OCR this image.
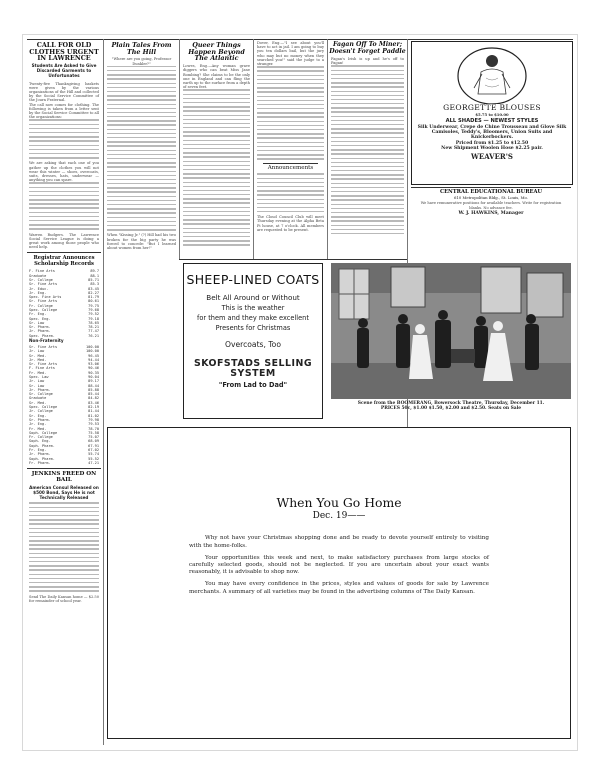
CALL FOR OLD CLOTHES URGENT IN LAWRENCE
Students Are Asked to Give Discarded Garments to Unfortunates
Twenty-five Thanksgiving baskets were given by the various organizations of the Hill and collected by the Social Service Committee of the Journ Fraternal.
The call now comes for clothing. The following is taken from a letter sent by the Social Service Committee to all the organizations:
We are asking that each one of you gather up the clothes you will not wear this winter — shoes, overcoats, suits, dresses, hats, underwear — anything you can spare.
Warren Rudgers. The Lawrence Social Service League is doing a great work among those people who need help.
Registrar Announces Scholarship Records
F. Fine Arts	89.7
Graduate	88.1
Sr. College	85.71
Sr. Fine Arts	85.3
Jr. Educ.	83.45
Jr. Eng.	82.27
Spec. Fine Arts	81.79
Sr. Fine Arts	80.61
Fr. College	79.75
Spec. College	79.68
Fr. Eng.	79.52
Spec. Eng.	79.18
Sr. Law	78.65
Sr. Pharm.	78.21
Jr. Pharm.	77.47
Spec. Pharm.	76.21
Non-Fraternity
Sr. Fine Arts	100.00
Jr. Law	100.00
Sr. Med.	96.45
Jr. Med.	94.44
Sr. Fine Arts	93.06
F. Fine Arts	90.46
Fr. Med.	90.35
Spec. Law	90.04
Jr. Law	89.17
Sr. Law	88.44
Jr. Pharm.	85.88
Sr. College	85.44
Graduate	84.82
Sr. Med.	83.46
Spec. College	82.19
Jr. College	81.44
Sr. Eng.	81.02
Sr. Pharm.	79.98
Jr. Eng.	79.53
Fr. Med.	78.70
Soph. College	75.58
Fr. College	75.07
Soph. Eng.	68.09
Soph. Pharm.	67.91
Fr. Eng.	67.02
Jr. Pharm.	55.74
Soph. Pharm.	55.52
Fr. Pharm.	47.21
JENKINS FREED ON BAIL
American Consul Released on $500 Bond, Says He is not Technically Released
Send The Daily Kansan home — $2.50 for remainder of school year.
Plain Tales From The Hill
"Where are you going, Professor Dunkler?"
When "Kissing Jr." (?) Hill had his two broken for the big party he was forced to concede: "But I learned about women from her!"
Queer Things Happen Beyond The Atlantic
Lowes, Eng.—Any woman grave diggers who can beat Miss Jane Bombing? She claims to be the only one in England and can fling the earth up to the surface from a depth of seven feet.
Dover, Eng.—"I see about you'll have to act in jail. I am going to buy you ten dollars bail, but the jury who may but no money when they searched you!" said the judge to a stranger.
Announcements
The Cloud Council Club will meet Thursday evening at the Alpha Beta Pi house, at 7 o'clock. All members are requested to be present.
Fagan Off To Miner; Doesn't Forget Paddle
Fagan's Irish is up and he's off to Pagan!
GEORGETTE BLOUSES
$5.75 to $10.00
ALL SHADES — NEWEST STYLES
Silk Underwear, Crepe de Chine Trousseau and Glove Silk Camisoles, Teddy's, Bloomers, Union Suits and Knickerbockers.
Priced from $1.25 to $12.50
New Shipment Woolen Hose $2.25 pair.
WEAVER'S
CENTRAL EDUCATIONAL BUREAU
610 Metropolitan Bldg., St. Louis, Mo.
We have remunerative positions for available teachers. Write for registration blanks. No advance fee.
W. J. HAWKINS, Manager
SHEEP-LINED COATS
Belt All Around or Without
This is the weather
for them and they make excellent
Presents for Christmas
Overcoats, Too
SKOFSTADS SELLING SYSTEM
"From Lad to Dad"
Scene from the BOOMERANG, Bowersock Theatre, Thursday, December 11.
PRICES 50c, $1.00 $1.50, $2.00 and $2.50. Seats on Sale
When You Go Home
Dec. 19——
Why not have your Christmas shopping done and be ready to devote yourself entirely to visiting with the home-folks.
Your opportunities this week and next, to make satisfactory purchases from large stocks of carefully selected goods, should not be neglected. If you are uncertain about your exact wants reasonably, it is advisable to shop now.
You may have every confidence in the prices, styles and values of goods for sale by Lawrence merchants. A summary of all varieties may be found in the advertising columns of The Daily Kansan.
